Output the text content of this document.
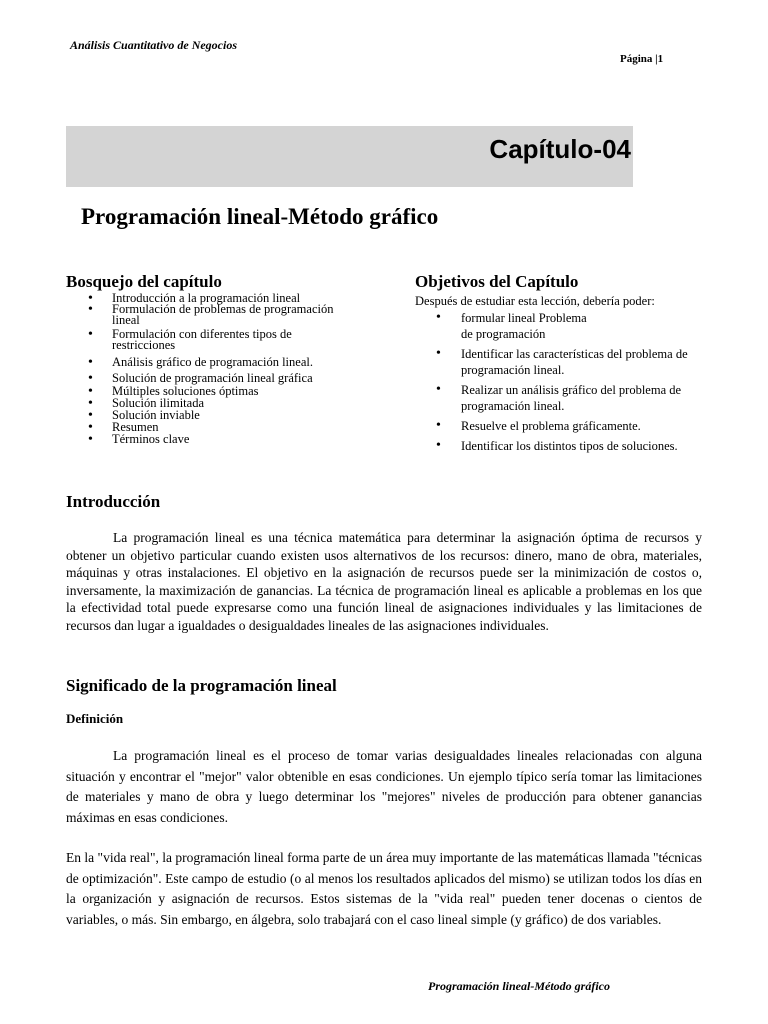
Análisis Cuantitativo de Negocios
Página |1
Capítulo-04
Programación lineal-Método gráfico
Bosquejo del capítulo
• Introducción a la programación lineal
• Formulación de problemas de programación lineal
• Formulación con diferentes tipos de restricciones
• Análisis gráfico de programación lineal.
• Solución de programación lineal gráfica
• Múltiples soluciones óptimas
• Solución ilimitada
• Solución inviable
• Resumen
• Términos clave
Objetivos del Capítulo
Después de estudiar esta lección, debería poder:
• formular lineal Problema de programación
• Identificar las características del problema de programación lineal.
• Realizar un análisis gráfico del problema de programación lineal.
• Resuelve el problema gráficamente.
• Identificar los distintos tipos de soluciones.
Introducción
La programación lineal es una técnica matemática para determinar la asignación óptima de recursos y obtener un objetivo particular cuando existen usos alternativos de los recursos: dinero, mano de obra, materiales, máquinas y otras instalaciones. El objetivo en la asignación de recursos puede ser la minimización de costos o, inversamente, la maximización de ganancias. La técnica de programación lineal es aplicable a problemas en los que la efectividad total puede expresarse como una función lineal de asignaciones individuales y las limitaciones de recursos dan lugar a igualdades o desigualdades lineales de las asignaciones individuales.
Significado de la programación lineal
Definición
La programación lineal es el proceso de tomar varias desigualdades lineales relacionadas con alguna situación y encontrar el "mejor" valor obtenible en esas condiciones. Un ejemplo típico sería tomar las limitaciones de materiales y mano de obra y luego determinar los "mejores" niveles de producción para obtener ganancias máximas en esas condiciones.
En la "vida real", la programación lineal forma parte de un área muy importante de las matemáticas llamada "técnicas de optimización". Este campo de estudio (o al menos los resultados aplicados del mismo) se utilizan todos los días en la organización y asignación de recursos. Estos sistemas de la "vida real" pueden tener docenas o cientos de variables, o más. Sin embargo, en álgebra, solo trabajará con el caso lineal simple (y gráfico) de dos variables.
Programación lineal-Método gráfico
